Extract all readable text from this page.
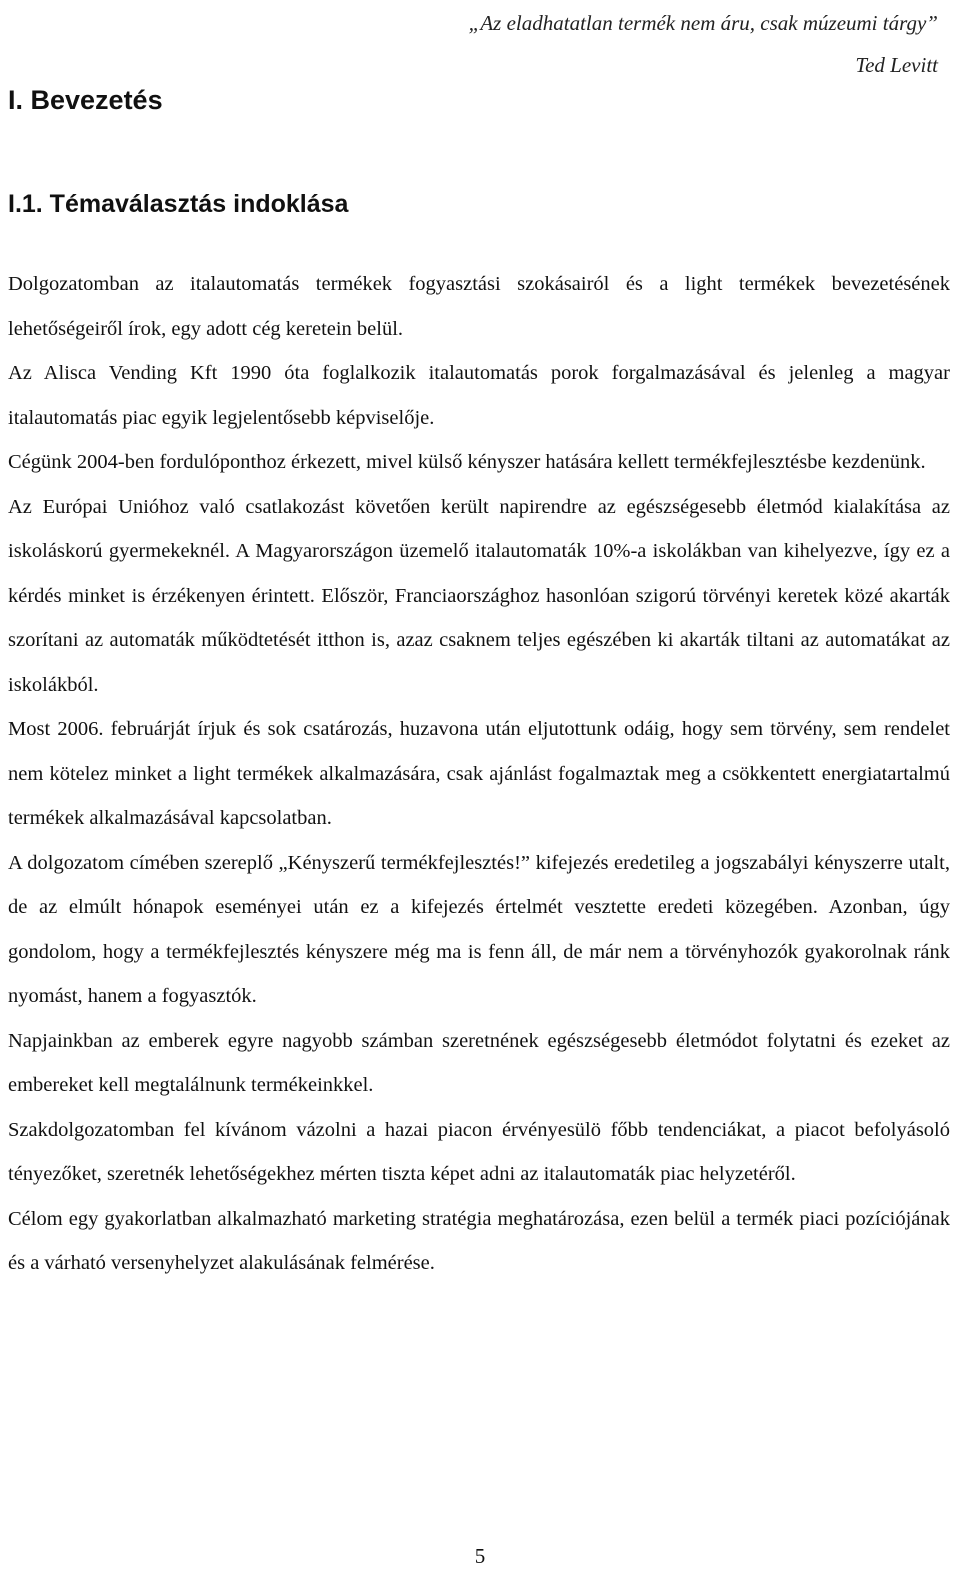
„Az eladhatatlan termék nem áru, csak múzeumi tárgy”
Ted Levitt
I. Bevezetés
I.1. Témaválasztás indoklása

Dolgozatomban az italautomatás termékek fogyasztási szokásairól és a light termékek bevezetésének lehetőségeiről írok, egy adott cég keretein belül.

Az Alisca Vending Kft 1990 óta foglalkozik italautomatás porok forgalmazásával és jelenleg a magyar italautomatás piac egyik legjelentősebb képviselője.

Cégünk 2004-ben fordulóponthoz érkezett, mivel külső kényszer hatására kellett termékfejlesztésbe kezdenünk.

Az Európai Unióhoz való csatlakozást követően került napirendre az egészségesebb életmód kialakítása az iskoláskorú gyermekeknél. A Magyarországon üzemelő italautomaták 10%-a iskolákban van kihelyezve, így ez a kérdés minket is érzékenyen érintett. Először, Franciaországhoz hasonlóan szigorú törvényi keretek közé akarták szorítani az automaták működtetését itthon is, azaz csaknem teljes egészében ki akarták tiltani az automatákat az iskolákból.

Most 2006. februárját írjuk és sok csatározás, huzavona után eljutottunk odáig, hogy sem törvény, sem rendelet nem kötelez minket a light termékek alkalmazására, csak ajánlást fogalmaztak meg a csökkentett energiatartalmú termékek alkalmazásával kapcsolatban.

A dolgozatom címében szereplő „Kényszerű termékfejlesztés!” kifejezés eredetileg a jogszabályi kényszerre utalt, de az elmúlt hónapok eseményei után ez a kifejezés értelmét vesztette eredeti közegében. Azonban, úgy gondolom, hogy a termékfejlesztés kényszere még ma is fenn áll, de már nem a törvényhozók gyakorolnak ránk nyomást, hanem a fogyasztók.

Napjainkban az emberek egyre nagyobb számban szeretnének egészségesebb életmódot folytatni és ezeket az embereket kell megtalálnunk termékeinkkel.

Szakdolgozatomban fel kívánom vázolni a hazai piacon érvényesülö főbb tendenciákat, a piacot befolyásoló tényezőket, szeretnék lehetőségekhez mérten tiszta képet adni az italautomaták piac helyzetéről.

Célom egy gyakorlatban alkalmazható marketing stratégia meghatározása, ezen belül a termék piaci pozíciójának és a várható versenyhelyzet alakulásának felmérése.

5
